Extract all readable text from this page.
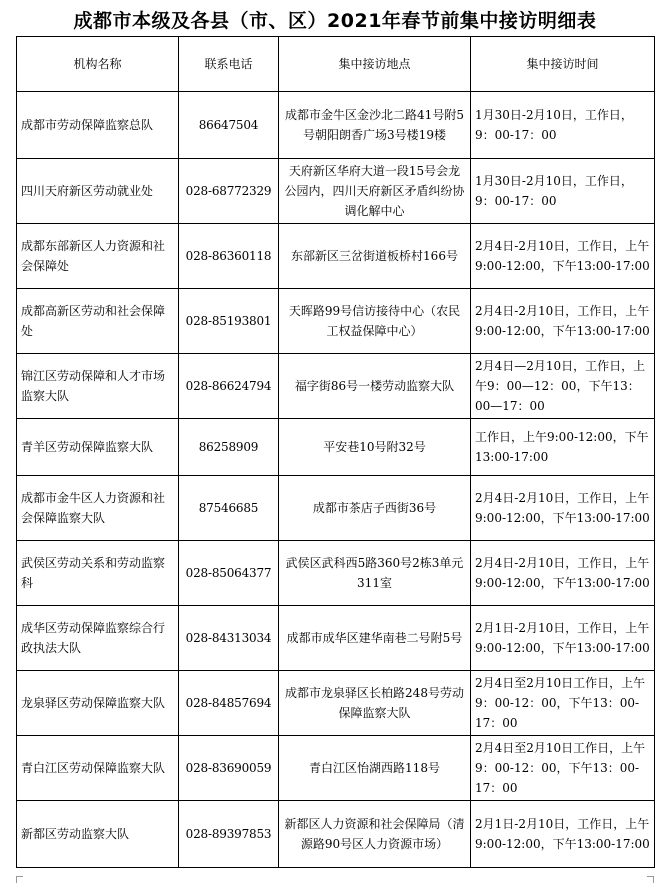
成都市本级及各县（市、区）2021年春节前集中接访明细表
机构名称	联系电话	集中接访地点	集中接访时间
成都市劳动保障监察总队	86647504	成都市金牛区金沙北二路41号附5号朝阳朗香广场3号楼19楼	1月30日-2月10日，工作日，9：00-17：00
四川天府新区劳动就业处	028-68772329	天府新区华府大道一段15号会龙公园内，四川天府新区矛盾纠纷协调化解中心	1月30日-2月10日，工作日，9：00-17：00
成都东部新区人力资源和社会保障处	028-86360118	东部新区三岔街道板桥村166号	2月4日-2月10日，工作日，上午9:00-12:00，下午13:00-17:00
成都高新区劳动和社会保障处	028-85193801	天晖路99号信访接待中心（农民工权益保障中心）	2月4日-2月10日，工作日，上午9:00-12:00，下午13:00-17:00
锦江区劳动保障和人才市场监察大队	028-86624794	福字街86号一楼劳动监察大队	2月4日—2月10日，工作日，上午9：00—12：00，下午13：00—17：00
青羊区劳动保障监察大队	86258909	平安巷10号附32号	工作日，上午9:00-12:00，下午13:00-17:00
成都市金牛区人力资源和社会保障监察大队	87546685	成都市茶店子西街36号	2月4日-2月10日，工作日，上午9:00-12:00，下午13:00-17:00
武侯区劳动关系和劳动监察科	028-85064377	武侯区武科西5路360号2栋3单元311室	2月4日-2月10日，工作日，上午9:00-12:00，下午13:00-17:00
成华区劳动保障监察综合行政执法大队	028-84313034	成都市成华区建华南巷二号附5号	2月1日-2月10日，工作日，上午9:00-12:00，下午13:00-17:00
龙泉驿区劳动保障监察大队	028-84857694	成都市龙泉驿区长柏路248号劳动保障监察大队	2月4日至2月10日工作日，上午9：00-12：00，下午13：00-17：00
青白江区劳动保障监察大队	028-83690059	青白江区怡湖西路118号	2月4日至2月10日工作日，上午9：00-12：00，下午13：00-17：00
新都区劳动监察大队	028-89397853	新都区人力资源和社会保障局（清源路90号区人力资源市场）	2月1日-2月10日，工作日，上午9:00-12:00，下午13:00-17:00
